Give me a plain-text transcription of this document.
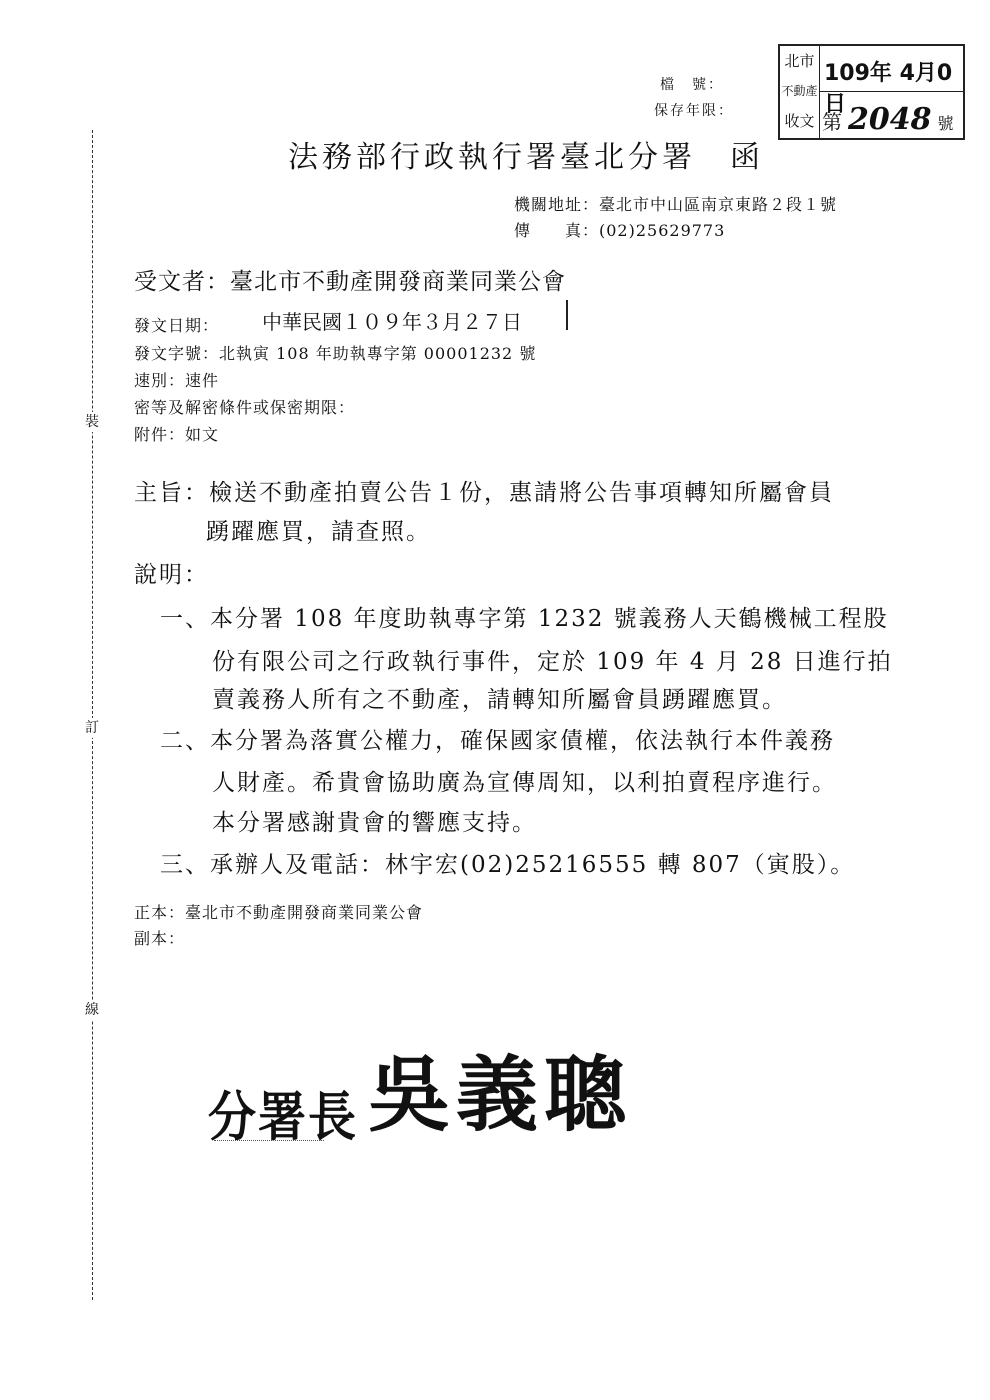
裝
訂
線
檔　號：
保存年限：
北市
不動產
收文
109年 4月0日
第 2048 號
法務部行政執行署臺北分署　函
機關地址：臺北市中山區南京東路２段１號
傳　　真：(02)25629773
受文者：臺北市不動產開發商業同業公會
發文日期： 中華民國１０９年３月２７日
發文字號：北執寅 108 年助執專字第 00001232 號
速別：速件
密等及解密條件或保密期限：
附件：如文
主旨：檢送不動產拍賣公告１份，惠請將公告事項轉知所屬會員
踴躍應買，請查照。
說明：
一、本分署 108 年度助執專字第 1232 號義務人天鶴機械工程股
份有限公司之行政執行事件，定於 109 年 4 月 28 日進行拍
賣義務人所有之不動產，請轉知所屬會員踴躍應買。
二、本分署為落實公權力，確保國家債權，依法執行本件義務
人財產。希貴會協助廣為宣傳周知，以利拍賣程序進行。
本分署感謝貴會的響應支持。
三、承辦人及電話：林宇宏(02)25216555 轉 807（寅股）。
正本：臺北市不動產開發商業同業公會
副本：
分署長 吳義聰
